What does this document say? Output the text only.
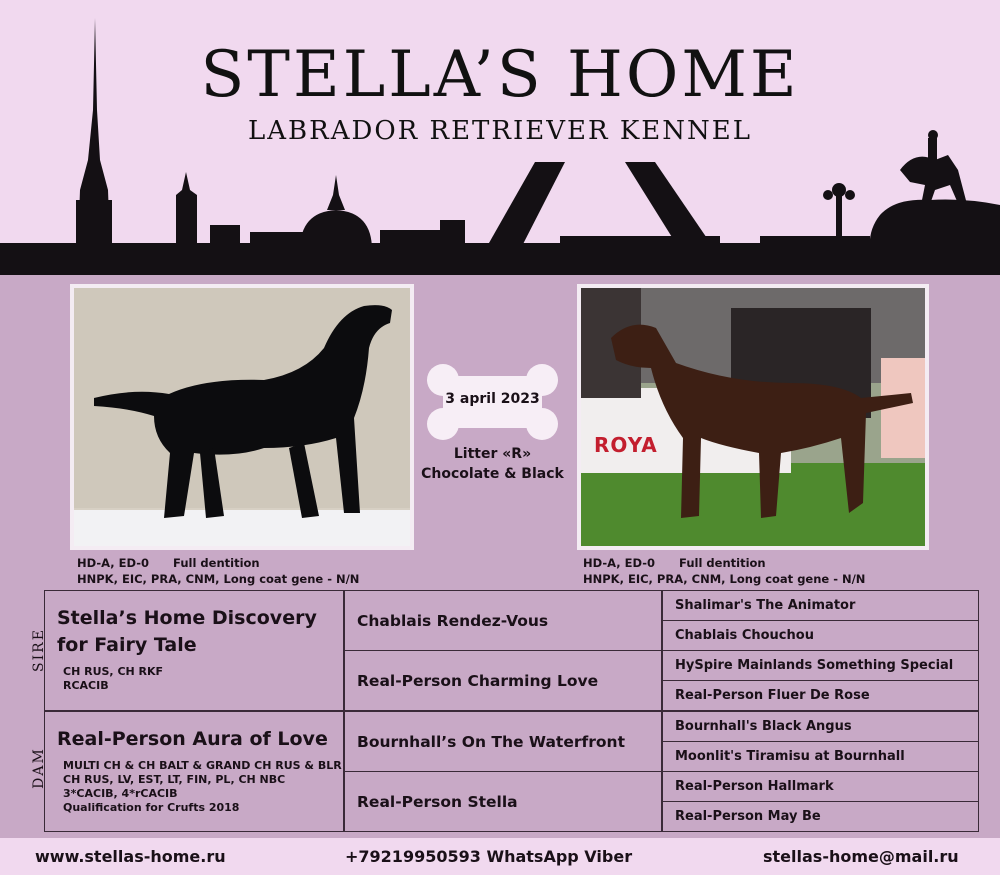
STELLA’S HOME
LABRADOR RETRIEVER KENNEL
ROYA
3 april 2023
Litter «R»
Chocolate & Black
HD-A, ED-0      Full dentition
HNPK, EIC, PRA, CNM, Long coat gene - N/N
HD-A, ED-0      Full dentition
HNPK, EIC, PRA, CNM, Long coat gene - N/N
SIRE
DAM
Stella’s Home Discovery
for Fairy Tale
CH RUS, CH RKF
RCACIB
Real-Person Aura of Love
MULTI CH & CH BALT & GRAND CH RUS & BLR
CH RUS, LV, EST, LT, FIN, PL, CH NBC
3*CACIB, 4*rCACIB
Qualification for Crufts 2018
Chablais Rendez-Vous
Real-Person Charming Love
Bournhall’s On The Waterfront
Real-Person Stella
Shalimar's The Animator
Chablais Chouchou
HySpire Mainlands Something Special
Real-Person Fluer De Rose
Bournhall's Black Angus
Moonlit's Tiramisu at Bournhall
Real-Person Hallmark
Real-Person May Be
www.stellas-home.ru	+79219950593 WhatsApp Viber	stellas-home@mail.ru
